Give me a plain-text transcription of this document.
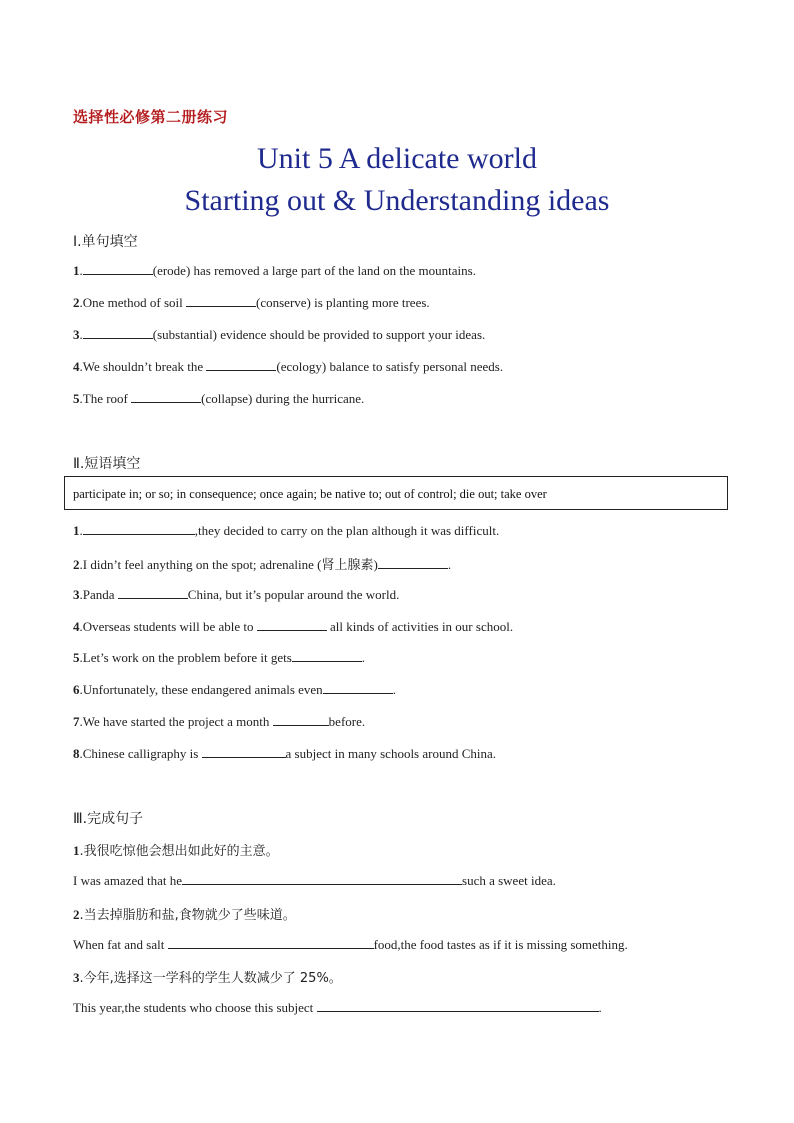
选择性必修第二册练习
Unit 5 A delicate world
Starting out & Understanding ideas
Ⅰ.单句填空
1.	(erode) has removed a large part of the land on the mountains.
2.One method of soil	(conserve) is planting more trees.
3.	(substantial) evidence should be provided to support your ideas.
4.We shouldn’t break the	(ecology) balance to satisfy personal needs.
5.The roof	(collapse) during the hurricane.
Ⅱ.短语填空
participate in; or so; in consequence; once again; be native to; out of control; die out; take over
1.	,they decided to carry on the plan although it was difficult.
2.I didn’t feel anything on the spot; adrenaline (肾上腺素)	.
3.Panda	China, but it’s popular around the world.
4.Overseas students will be able to	all kinds of activities in our school.
5.Let’s work on the problem before it gets	.
6.Unfortunately, these endangered animals even	.
7.We have started the project a month	before.
8.Chinese calligraphy is	a subject in many schools around China.
Ⅲ.完成句子
1.我很吃惊他会想出如此好的主意。
I was amazed that he	such a sweet idea.
2.当去掉脂肪和盐,食物就少了些味道。
When fat and salt	food,the food tastes as if it is missing something.
3.今年,选择这一学科的学生人数减少了 25%。
This year,the students who choose this subject	.
